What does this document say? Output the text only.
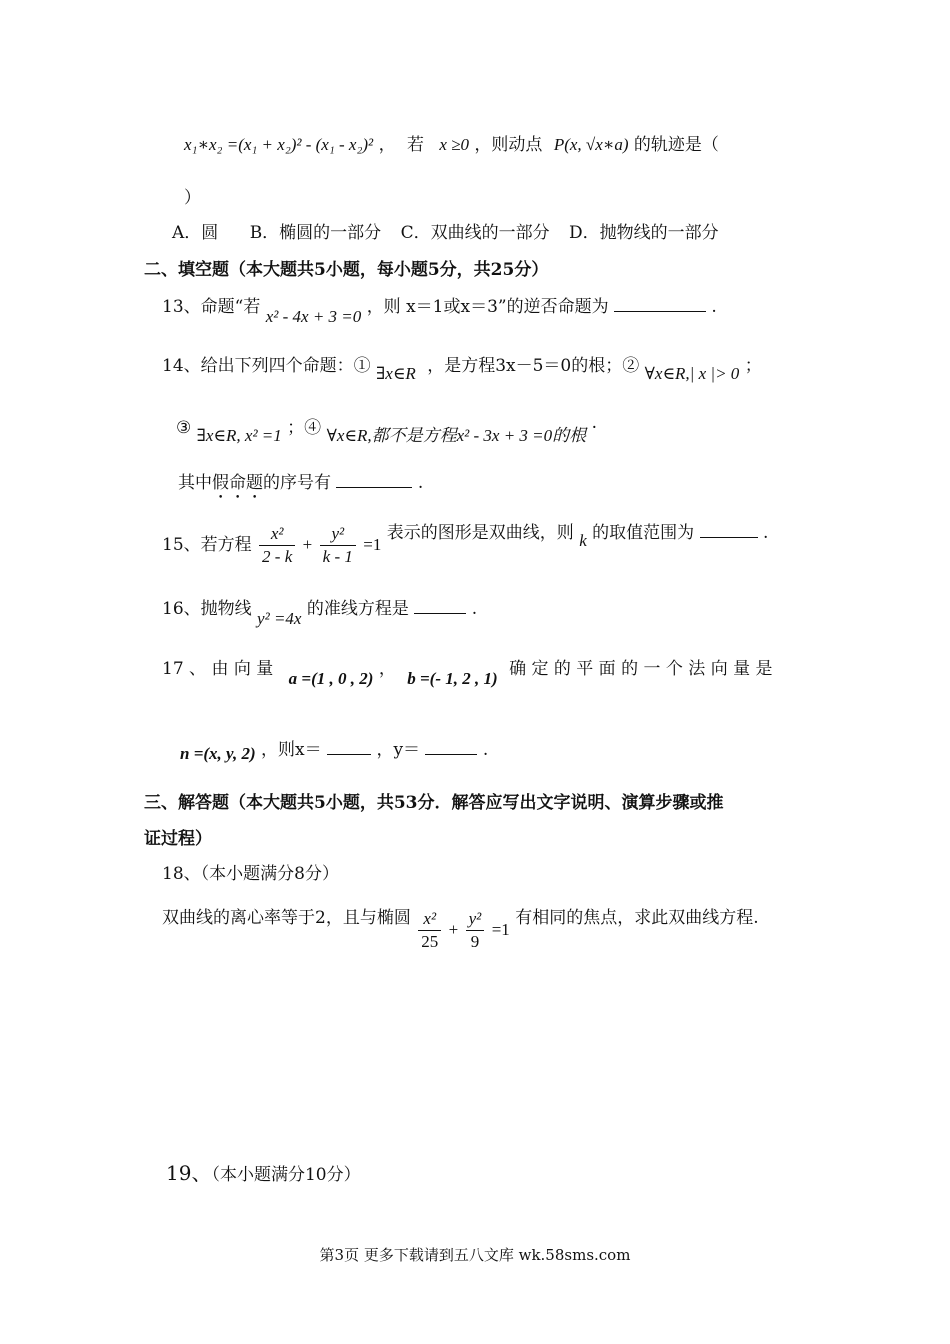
x₁∗x₂ =(x₁ + x₂)² - (x₁ - x₂)² ， 若 x ≥0 ，则动点 P(x, √x∗a) 的轨迹是（
）
A．圆 B．椭圆的一部分 C．双曲线的一部分 D．抛物线的一部分
二、填空题（本大题共5小题，每小题5分，共25分）
13、命题“若 x² - 4x + 3 =0 ，则 x＝1或x＝3”的逆否命题为	.
14、给出下列四个命题：① ∃x∈R ，是方程3x－5＝0的根；② ∀x∈R,| x |> 0 ；
③ ∃x∈R, x² =1 ；④ ∀x∈R,都不是方程x² - 3x + 3 =0的根 ·
其中假命题的序号有	.
15、若方程 $\frac{\text{x²}}{2 - k} + \frac{\text{y²}}{k - 1} =1$ 表示的图形是双曲线，则 k 的取值范围为	.
16、抛物线 y² =4x 的准线方程是	.
17 、 由 向 量 a =(1 , 0 , 2) ， b =(- 1, 2 , 1) 确 定 的 平 面 的 一 个 法 向 量 是
n =(x, y, 2) ，则x＝	，y＝	.
三、解答题（本大题共5小题，共53分．解答应写出文字说明、演算步骤或推
证过程）
18、（本小题满分8分）
双曲线的离心率等于2，且与椭圆 $\frac{\text{x²}}{25} + \frac{\text{y²}}{9} =1$ 有相同的焦点，求此双曲线方程.
19、（本小题满分10分）
第3页 更多下载请到五八文库 wk.58sms.com
